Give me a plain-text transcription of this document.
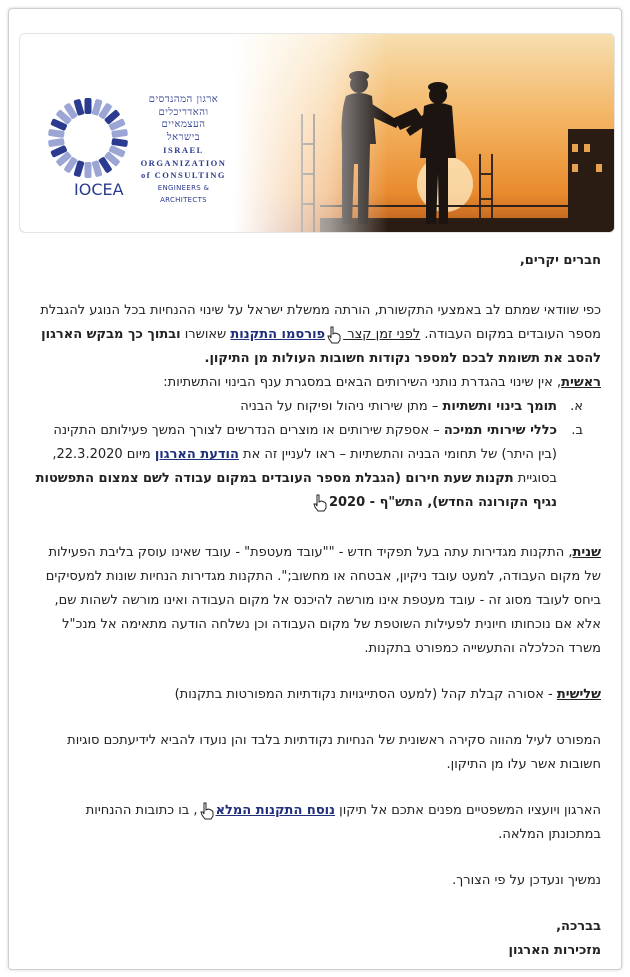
ארגון המהנדסים
והאדריכלים
העצמאיים
בישראל
ISRAEL
ORGANIZATION
of CONSULTING
ENGINEERS & ARCHITECTS
IOCEA

חברים יקרים,

כפי שוודאי שמתם לב באמצעי התקשורת, הורתה ממשלת ישראל על שינוי ההנחיות בכל הנוגע להגבלת מספר העובדים במקום העבודה. לפני זמן קצר פורסמו התקנות שאושרו ובתוך כך מבקש הארגון להסב את תשומת לבכם למספר נקודות חשובות העולות מן התיקון.

ראשית, אין שינוי בהגדרת נותני השירותים הבאים במסגרת ענף הבינוי והתשתיות:

א.
תומך בינוי ותשתיות – מתן שירותי ניהול ופיקוח על הבניה
ב.
כללי שירותי תמיכה – אספקת שירותים או מוצרים הנדרשים לצורך המשך פעילותם התקינה (בין היתר) של תחומי הבניה והתשתיות – ראו לעניין זה את הודעת הארגון מיום 22.3.2020, בסוגיית תקנות שעת חירום (הגבלת מספר העובדים במקום עבודה לשם צמצום התפשטות נגיף הקורונה החדש), התש"ף - 2020

שנית, התקנות מגדירות עתה בעל תפקיד חדש - ""עובד מעטפת" - עובד שאינו עוסק בליבת הפעילות של מקום העבודה, למעט עובד ניקיון, אבטחה או מחשוב;". התקנות מגדירות הנחיות שונות למעסיקים ביחס לעובד מסוג זה - עובד מעטפת אינו מורשה להיכנס אל מקום העבודה ואינו מורשה לשהות שם, אלא אם נוכחותו חיונית לפעילות השוטפת של מקום העבודה וכן נשלחה הודעה מתאימה אל מנכ"ל משרד הכלכלה והתעשייה כמפורט בתקנות.

שלישית - אסורה קבלת קהל (למעט הסתייגויות נקודתיות המפורטות בתקנות)

המפורט לעיל מהווה סקירה ראשונית של הנחיות נקודתיות בלבד והן נועדו להביא לידיעתכם סוגיות חשובות אשר עלו מן התיקון.

הארגון ויועציו המשפטיים מפנים אתכם אל תיקון נוסח התקנות המלא, בו כתובות ההנחיות במתכונתן המלאה.

נמשיך ונעדכן על פי הצורך.

בברכה,

מזכירות הארגון
